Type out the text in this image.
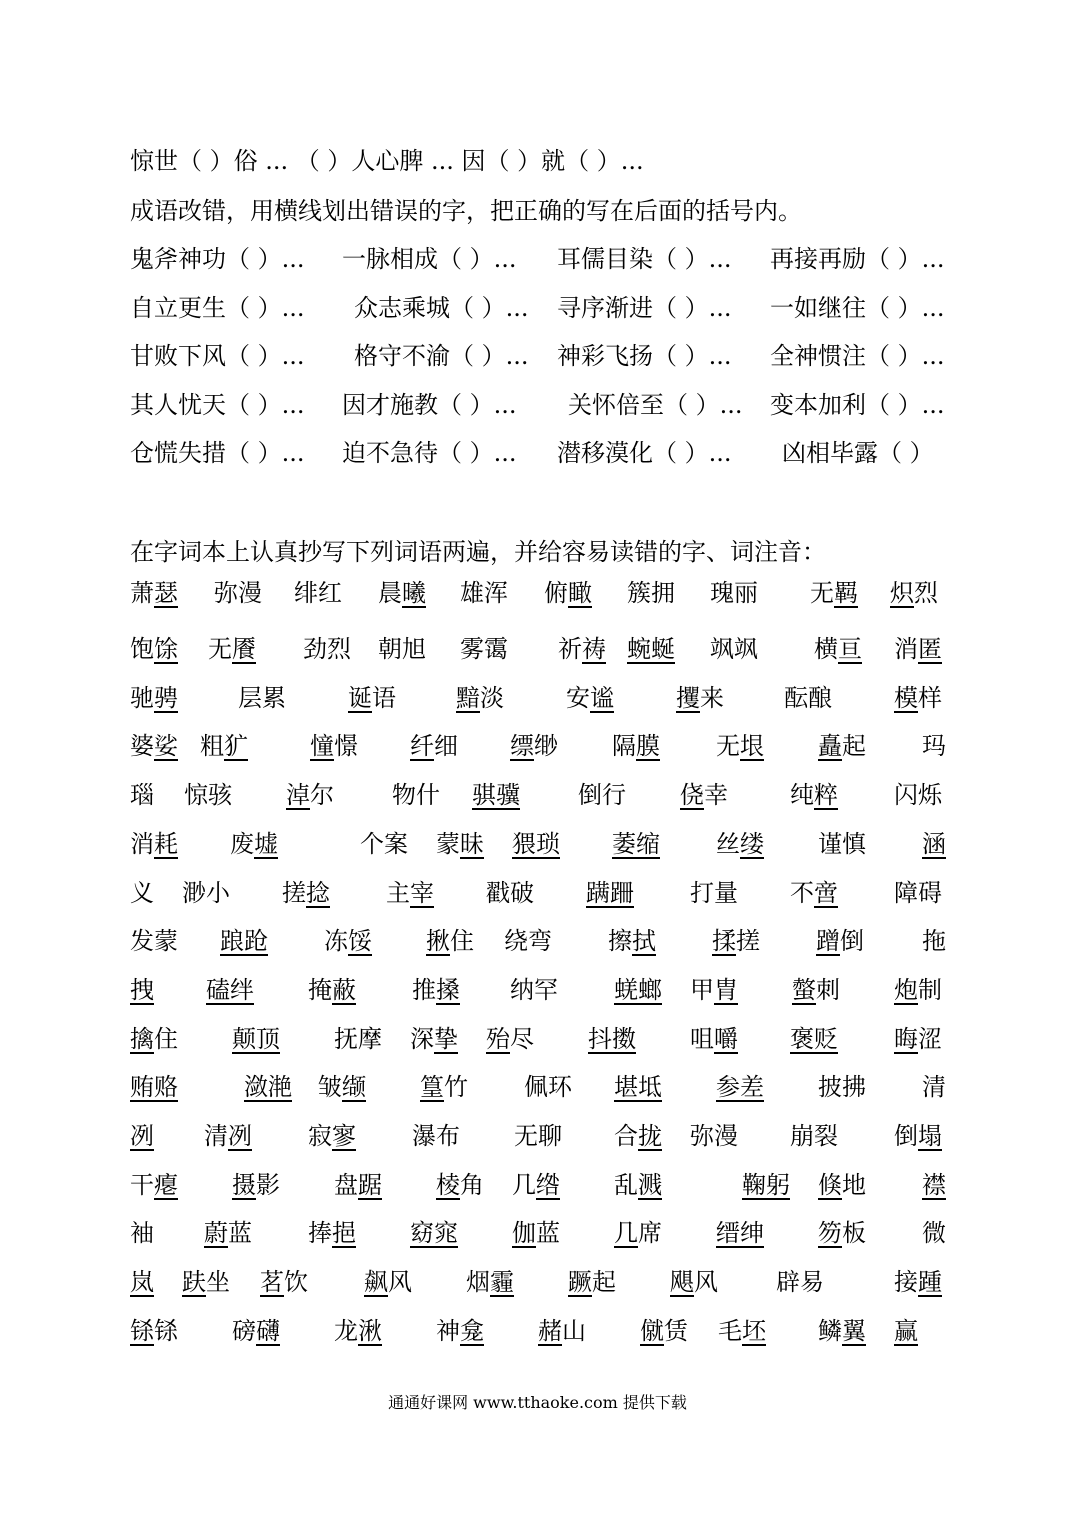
惊世（ ）俗 ... （ ）人心脾 ... 因（ ）就（ ）...
成语改错，用横线划出错误的字，把正确的写在后面的括号内。
鬼斧神功（ ）... 一脉相成（ ）... 耳儒目染（ ）... 再接再励（ ）...
自立更生（ ）... 众志乘城（ ）... 寻序渐进（ ）... 一如继往（ ）...
甘败下风（ ）... 格守不渝（ ）... 神彩飞扬（ ）... 全神惯注（ ）...
其人忧天（ ）... 因才施教（ ）... 关怀倍至（ ）... 变本加利（ ）...
仓慌失措（ ）... 迫不急待（ ）... 潜移漠化（ ）... 凶相毕露（ ）
在字词本上认真抄写下列词语两遍，并给容易读错的字、词注音：
萧瑟 弥漫 绯红 晨曦 雄浑 俯瞰 簇拥 瑰丽 无羁 炽烈
饱馀 无餍 劲烈 朝旭 雾霭 祈祷 蜿蜒 飒飒 横亘 消匿
驰骋	层累	诞语	黯淡	安谧	攫来	酝酿	模样
婆娑 粗犷	憧憬 纤细 缥缈 隔膜 无垠 矗起 玛
瑙 惊骇 淖尔 物什 骐骥 倒行 侥幸	纯粹 闪烁
消耗 废墟	个案 蒙昧 猥琐 萎缩 丝缕 谨慎 涵
义 渺小 搓捻 主宰 戳破 蹒跚 打量 不啻 障碍
发蒙 踉跄 冻馁 揪住 绕弯 擦拭 揉搓 蹭倒 拖
拽 磕绊 掩蔽 推搡 纳罕 蜣螂 甲胄 螫刺 炮制
擒住 颠顶 抚摩 深挚 殆尽 抖擞 咀嚼 褒贬 晦涩
贿赂	潋滟 皱缬 篁竹 佩环 堪坻 参差 披拂 清
冽 清冽 寂寥 瀑布 无聊 合拢 弥漫 崩裂 倒塌
干瘪 摄影 盘踞 棱角 几绺 乱溅	鞠躬 倏地 襟
袖 蔚蓝 捧挹 窈窕 伽蓝 几席 缙绅 笏板 微
岚 趺坐 茗饮 飙风 烟霾 蹶起 飓风 辟易	接踵
铩铩 磅礴 龙湫 神龛 赭山 僦赁 毛坯 鳞翼 赢
通通好课网 www.tthaoke.com 提供下载
